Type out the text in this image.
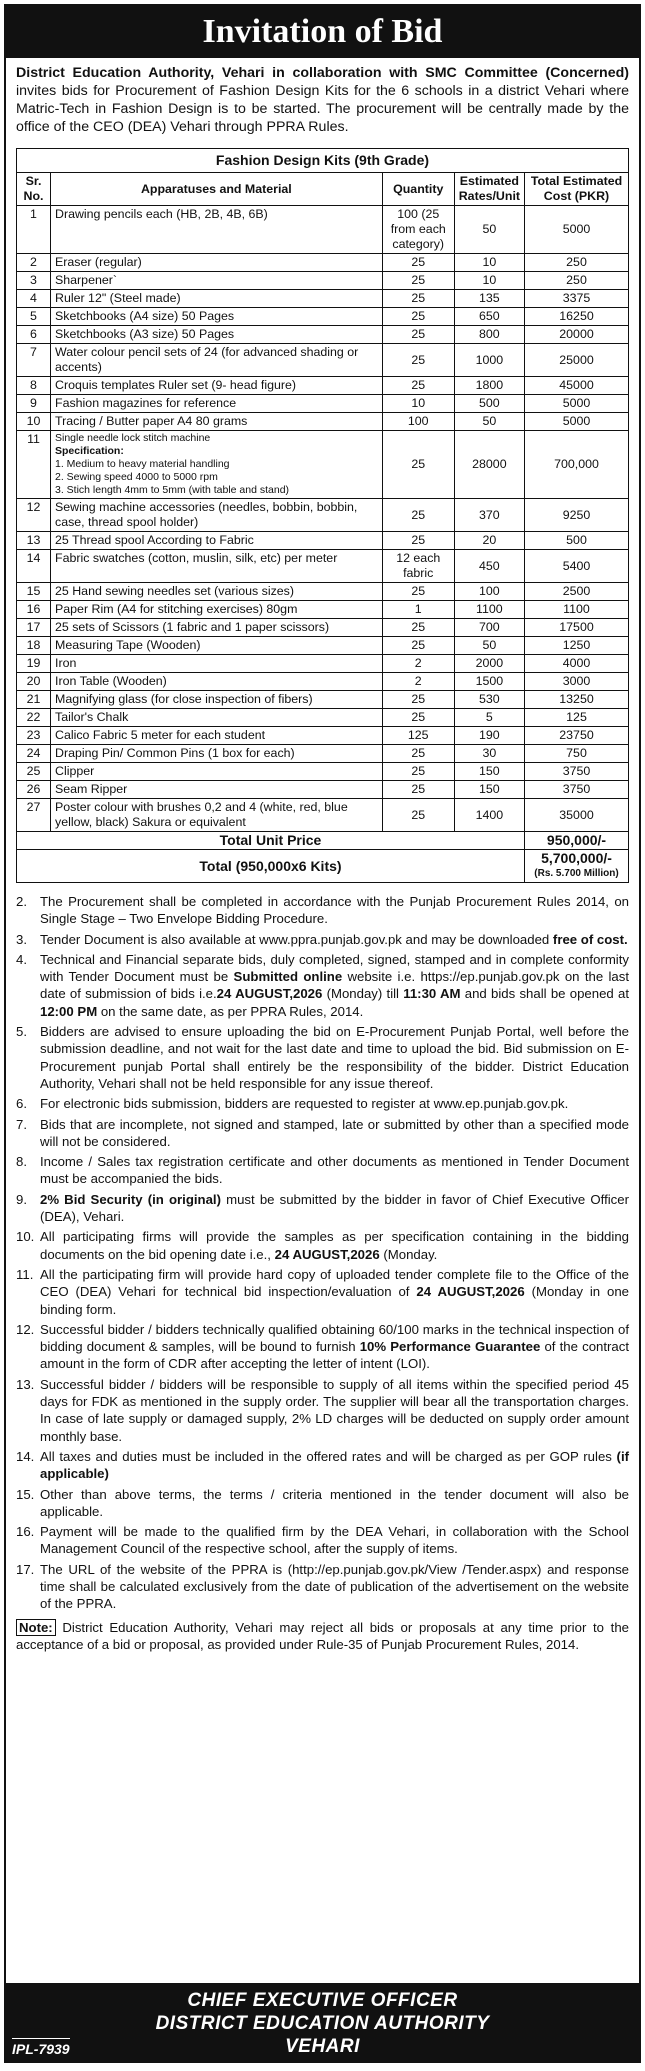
Invitation of Bid
District Education Authority, Vehari in collaboration with SMC Committee (Concerned) invites bids for Procurement of Fashion Design Kits for the 6 schools in a district Vehari where Matric-Tech in Fashion Design is to be started. The procurement will be centrally made by the office of the CEO (DEA) Vehari through PPRA Rules.
Fashion Design Kits (9th Grade)				
Sr. No.	Apparatuses and Material	Quantity	Estimated Rates/Unit	Total Estimated Cost (PKR)
1	Drawing pencils each (HB, 2B, 4B, 6B)	100 (25 from each category)	50	5000
2	Eraser (regular)	25	10	250
3	Sharpener`	25	10	250
4	Ruler 12" (Steel made)	25	135	3375
5	Sketchbooks (A4 size) 50 Pages	25	650	16250
6	Sketchbooks (A3 size) 50 Pages	25	800	20000
7	Water colour pencil sets of 24 (for advanced shading or accents)	25	1000	25000
8	Croquis templates Ruler set (9- head figure)	25	1800	45000
9	Fashion magazines for reference	10	500	5000
10	Tracing / Butter paper A4 80 grams	100	50	5000
11	Single needle lock stitch machine
Specification:
1. Medium to heavy material handling
2. Sewing speed 4000 to 5000 rpm
3. Stich length 4mm to 5mm (with table and stand)	25	28000	700,000
12	Sewing machine accessories (needles, bobbin, bobbin, case, thread spool holder)	25	370	9250
13	25 Thread spool According to Fabric	25	20	500
14	Fabric swatches (cotton, muslin, silk, etc) per meter	12 each fabric	450	5400
15	25 Hand sewing needles set (various sizes)	25	100	2500
16	Paper Rim (A4 for stitching exercises) 80gm	1	1100	1100
17	25 sets of Scissors (1 fabric and 1 paper scissors)	25	700	17500
18	Measuring Tape (Wooden)	25	50	1250
19	Iron	2	2000	4000
20	Iron Table (Wooden)	2	1500	3000
21	Magnifying glass (for close inspection of fibers)	25	530	13250
22	Tailor's Chalk	25	5	125
23	Calico Fabric 5 meter for each student	125	190	23750
24	Draping Pin/ Common Pins (1 box for each)	25	30	750
25	Clipper	25	150	3750
26	Seam Ripper	25	150	3750
27	Poster colour with brushes 0,2 and 4 (white, red, blue yellow, black) Sakura or equivalent	25	1400	35000
Total Unit Price				950,000/-
Total (950,000x6 Kits)				5,700,000/-
(Rs. 5.700 Million)
2. The Procurement shall be completed in accordance with the Punjab Procurement Rules 2014, on Single Stage – Two Envelope Bidding Procedure.
3. Tender Document is also available at www.ppra.punjab.gov.pk and may be downloaded free of cost.
4. Technical and Financial separate bids, duly completed, signed, stamped and in complete conformity with Tender Document must be Submitted online website i.e. https://ep.punjab.gov.pk on the last date of submission of bids i.e.24 AUGUST,2026 (Monday) till 11:30 AM and bids shall be opened at 12:00 PM on the same date, as per PPRA Rules, 2014.
5. Bidders are advised to ensure uploading the bid on E-Procurement Punjab Portal, well before the submission deadline, and not wait for the last date and time to upload the bid. Bid submission on E-Procurement punjab Portal shall entirely be the responsibility of the bidder. District Education Authority, Vehari shall not be held responsible for any issue thereof.
6. For electronic bids submission, bidders are requested to register at www.ep.punjab.gov.pk.
7. Bids that are incomplete, not signed and stamped, late or submitted by other than a specified mode will not be considered.
8. Income / Sales tax registration certificate and other documents as mentioned in Tender Document must be accompanied the bids.
9. 2% Bid Security (in original) must be submitted by the bidder in favor of Chief Executive Officer (DEA), Vehari.
10. All participating firms will provide the samples as per specification containing in the bidding documents on the bid opening date i.e., 24 AUGUST,2026 (Monday.
11. All the participating firm will provide hard copy of uploaded tender complete file to the Office of the CEO (DEA) Vehari for technical bid inspection/evaluation of 24 AUGUST,2026 (Monday in one binding form.
12. Successful bidder / bidders technically qualified obtaining 60/100 marks in the technical inspection of bidding document & samples, will be bound to furnish 10% Performance Guarantee of the contract amount in the form of CDR after accepting the letter of intent (LOI).
13. Successful bidder / bidders will be responsible to supply of all items within the specified period 45 days for FDK as mentioned in the supply order. The supplier will bear all the transportation charges. In case of late supply or damaged supply, 2% LD charges will be deducted on supply order amount monthly base.
14. All taxes and duties must be included in the offered rates and will be charged as per GOP rules (if applicable)
15. Other than above terms, the terms / criteria mentioned in the tender document will also be applicable.
16. Payment will be made to the qualified firm by the DEA Vehari, in collaboration with the School Management Council of the respective school, after the supply of items.
17. The URL of the website of the PPRA is (http://ep.punjab.gov.pk/View /Tender.aspx) and response time shall be calculated exclusively from the date of publication of the advertisement on the website of the PPRA.
Note: District Education Authority, Vehari may reject all bids or proposals at any time prior to the acceptance of a bid or proposal, as provided under Rule-35 of Punjab Procurement Rules, 2014.
CHIEF EXECUTIVE OFFICER
DISTRICT EDUCATION AUTHORITY
VEHARI
IPL-7939
